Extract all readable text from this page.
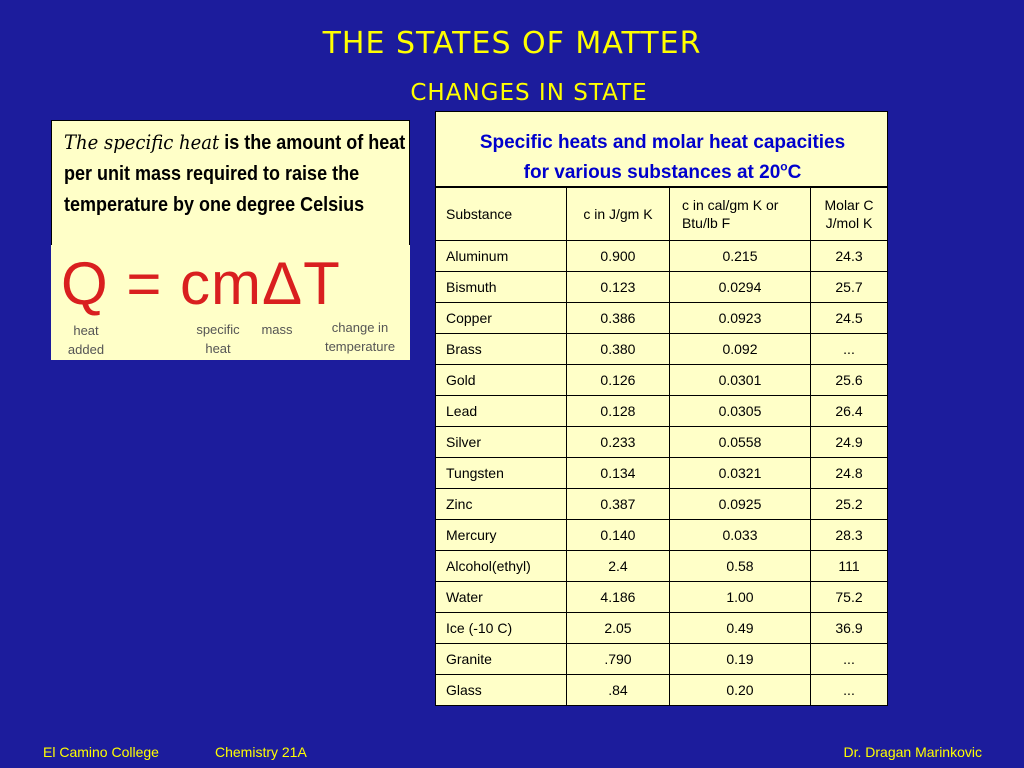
THE STATES OF MATTER
CHANGES IN STATE
The specific heat is the amount of heat per unit mass required to raise the temperature by one degree Celsius
Q = cmΔT
heat added
specific heat
mass	change in temperature
Specific heats and molar heat capacities
for various substances at 20$^o$C
Substance	c in J/gm K	c in cal/gm K or Btu/lb F	Molar C J/mol K
Aluminum	0.900	0.215	24.3
Bismuth	0.123	0.0294	25.7
Copper	0.386	0.0923	24.5
Brass	0.380	0.092	...
Gold	0.126	0.0301	25.6
Lead	0.128	0.0305	26.4
Silver	0.233	0.0558	24.9
Tungsten	0.134	0.0321	24.8
Zinc	0.387	0.0925	25.2
Mercury	0.140	0.033	28.3
Alcohol(ethyl)	2.4	0.58	111
Water	4.186	1.00	75.2
Ice (-10 C)	2.05	0.49	36.9
Granite	.790	0.19	...
Glass	.84	0.20	...
El Camino College	Chemistry 21A	Dr. Dragan Marinkovic
